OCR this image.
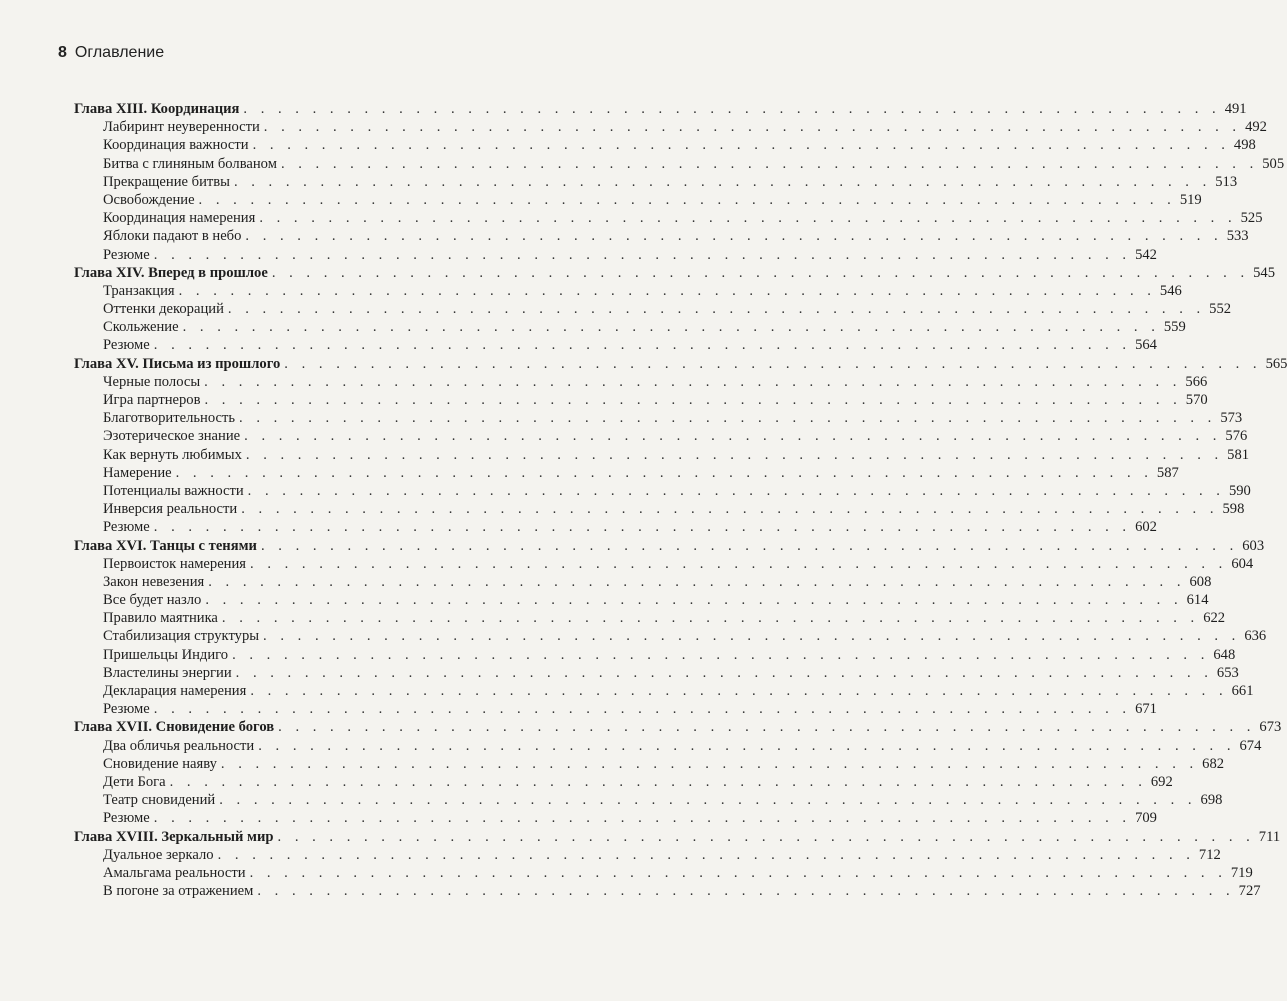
8 Оглавление
Глава XIII. Координация . . . . . . . . . . . . . . . . . . . . . . . . . . . . . . . . . . . . . . . . . . . . . . . . . . . . . . . . . 491
Лабиринт неуверенности . . . . . . . . . . . . . . . . . . . . . . . . . . . . . . . . . . . . . . . . . . . . . . . . . . . . . . . . . 492
Координация важности . . . . . . . . . . . . . . . . . . . . . . . . . . . . . . . . . . . . . . . . . . . . . . . . . . . . . . . . . 498
Битва с глиняным болваном . . . . . . . . . . . . . . . . . . . . . . . . . . . . . . . . . . . . . . . . . . . . . . . . . . . . . . . . . 505
Прекращение битвы . . . . . . . . . . . . . . . . . . . . . . . . . . . . . . . . . . . . . . . . . . . . . . . . . . . . . . . . . 513
Освобождение . . . . . . . . . . . . . . . . . . . . . . . . . . . . . . . . . . . . . . . . . . . . . . . . . . . . . . . . . 519
Координация намерения . . . . . . . . . . . . . . . . . . . . . . . . . . . . . . . . . . . . . . . . . . . . . . . . . . . . . . . . . 525
Яблоки падают в небо . . . . . . . . . . . . . . . . . . . . . . . . . . . . . . . . . . . . . . . . . . . . . . . . . . . . . . . . . 533
Резюме . . . . . . . . . . . . . . . . . . . . . . . . . . . . . . . . . . . . . . . . . . . . . . . . . . . . . . . . . 542
Глава XIV. Вперед в прошлое . . . . . . . . . . . . . . . . . . . . . . . . . . . . . . . . . . . . . . . . . . . . . . . . . . . . . . . . . 545
Транзакция . . . . . . . . . . . . . . . . . . . . . . . . . . . . . . . . . . . . . . . . . . . . . . . . . . . . . . . . . 546
Оттенки декораций . . . . . . . . . . . . . . . . . . . . . . . . . . . . . . . . . . . . . . . . . . . . . . . . . . . . . . . . . 552
Скольжение . . . . . . . . . . . . . . . . . . . . . . . . . . . . . . . . . . . . . . . . . . . . . . . . . . . . . . . . . 559
Резюме . . . . . . . . . . . . . . . . . . . . . . . . . . . . . . . . . . . . . . . . . . . . . . . . . . . . . . . . . 564
Глава XV. Письма из прошлого . . . . . . . . . . . . . . . . . . . . . . . . . . . . . . . . . . . . . . . . . . . . . . . . . . . . . . . . . 565
Черные полосы . . . . . . . . . . . . . . . . . . . . . . . . . . . . . . . . . . . . . . . . . . . . . . . . . . . . . . . . . 566
Игра партнеров . . . . . . . . . . . . . . . . . . . . . . . . . . . . . . . . . . . . . . . . . . . . . . . . . . . . . . . . . 570
Благотворительность . . . . . . . . . . . . . . . . . . . . . . . . . . . . . . . . . . . . . . . . . . . . . . . . . . . . . . . . . 573
Эзотерическое знание . . . . . . . . . . . . . . . . . . . . . . . . . . . . . . . . . . . . . . . . . . . . . . . . . . . . . . . . . 576
Как вернуть любимых . . . . . . . . . . . . . . . . . . . . . . . . . . . . . . . . . . . . . . . . . . . . . . . . . . . . . . . . . 581
Намерение . . . . . . . . . . . . . . . . . . . . . . . . . . . . . . . . . . . . . . . . . . . . . . . . . . . . . . . . . 587
Потенциалы важности . . . . . . . . . . . . . . . . . . . . . . . . . . . . . . . . . . . . . . . . . . . . . . . . . . . . . . . . . 590
Инверсия реальности . . . . . . . . . . . . . . . . . . . . . . . . . . . . . . . . . . . . . . . . . . . . . . . . . . . . . . . . . 598
Резюме . . . . . . . . . . . . . . . . . . . . . . . . . . . . . . . . . . . . . . . . . . . . . . . . . . . . . . . . . 602
Глава XVI. Танцы с тенями . . . . . . . . . . . . . . . . . . . . . . . . . . . . . . . . . . . . . . . . . . . . . . . . . . . . . . . . . 603
Первоисток намерения . . . . . . . . . . . . . . . . . . . . . . . . . . . . . . . . . . . . . . . . . . . . . . . . . . . . . . . . . 604
Закон невезения . . . . . . . . . . . . . . . . . . . . . . . . . . . . . . . . . . . . . . . . . . . . . . . . . . . . . . . . . 608
Все будет назло . . . . . . . . . . . . . . . . . . . . . . . . . . . . . . . . . . . . . . . . . . . . . . . . . . . . . . . . . 614
Правило маятника . . . . . . . . . . . . . . . . . . . . . . . . . . . . . . . . . . . . . . . . . . . . . . . . . . . . . . . . . 622
Стабилизация структуры . . . . . . . . . . . . . . . . . . . . . . . . . . . . . . . . . . . . . . . . . . . . . . . . . . . . . . . . . 636
Пришельцы Индиго . . . . . . . . . . . . . . . . . . . . . . . . . . . . . . . . . . . . . . . . . . . . . . . . . . . . . . . . . 648
Властелины энергии . . . . . . . . . . . . . . . . . . . . . . . . . . . . . . . . . . . . . . . . . . . . . . . . . . . . . . . . . 653
Декларация намерения . . . . . . . . . . . . . . . . . . . . . . . . . . . . . . . . . . . . . . . . . . . . . . . . . . . . . . . . . 661
Резюме . . . . . . . . . . . . . . . . . . . . . . . . . . . . . . . . . . . . . . . . . . . . . . . . . . . . . . . . . 671
Глава XVII. Сновидение богов . . . . . . . . . . . . . . . . . . . . . . . . . . . . . . . . . . . . . . . . . . . . . . . . . . . . . . . . . 673
Два обличья реальности . . . . . . . . . . . . . . . . . . . . . . . . . . . . . . . . . . . . . . . . . . . . . . . . . . . . . . . . . 674
Сновидение наяву . . . . . . . . . . . . . . . . . . . . . . . . . . . . . . . . . . . . . . . . . . . . . . . . . . . . . . . . . 682
Дети Бога . . . . . . . . . . . . . . . . . . . . . . . . . . . . . . . . . . . . . . . . . . . . . . . . . . . . . . . . . 692
Театр сновидений . . . . . . . . . . . . . . . . . . . . . . . . . . . . . . . . . . . . . . . . . . . . . . . . . . . . . . . . . 698
Резюме . . . . . . . . . . . . . . . . . . . . . . . . . . . . . . . . . . . . . . . . . . . . . . . . . . . . . . . . . 709
Глава XVIII. Зеркальный мир . . . . . . . . . . . . . . . . . . . . . . . . . . . . . . . . . . . . . . . . . . . . . . . . . . . . . . . . . 711
Дуальное зеркало . . . . . . . . . . . . . . . . . . . . . . . . . . . . . . . . . . . . . . . . . . . . . . . . . . . . . . . . . 712
Амальгама реальности . . . . . . . . . . . . . . . . . . . . . . . . . . . . . . . . . . . . . . . . . . . . . . . . . . . . . . . . . 719
В погоне за отражением . . . . . . . . . . . . . . . . . . . . . . . . . . . . . . . . . . . . . . . . . . . . . . . . . . . . . . . . . 727
